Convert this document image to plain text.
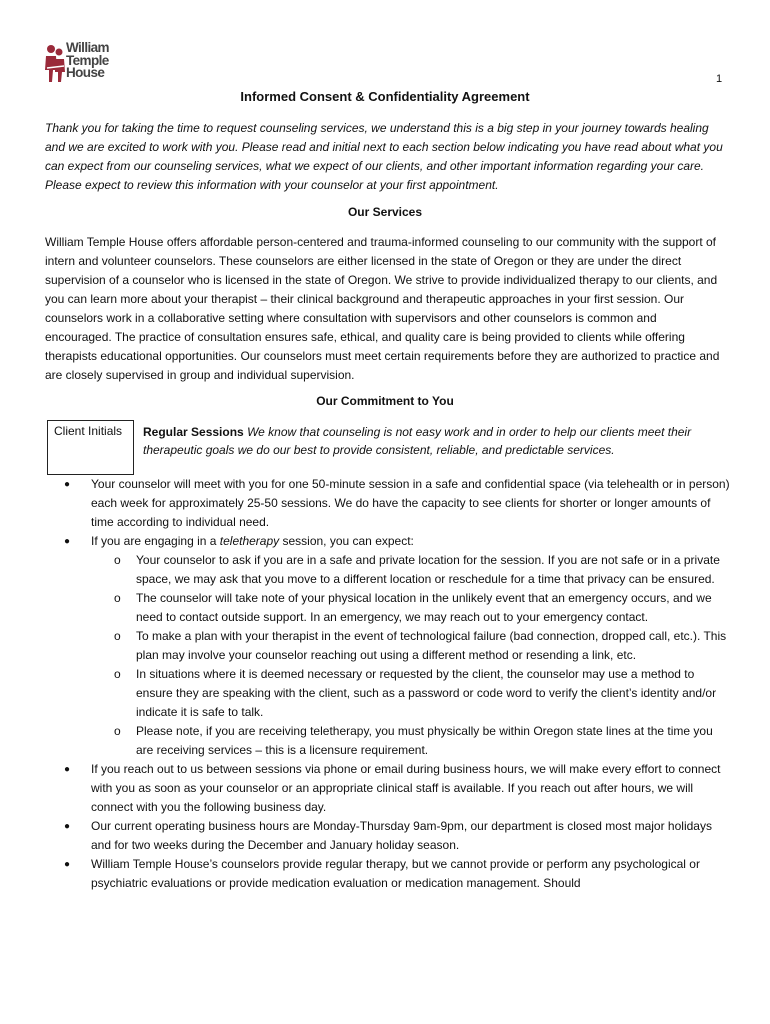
William
Temple
House	1
Informed Consent & Confidentiality Agreement
Thank you for taking the time to request counseling services, we understand this is a big step in your journey towards healing and we are excited to work with you. Please read and initial next to each section below indicating you have read about what you can expect from our counseling services, what we expect of our clients, and other important information regarding your care. Please expect to review this information with your counselor at your first appointment.
Our Services
William Temple House offers affordable person-centered and trauma-informed counseling to our community with the support of intern and volunteer counselors. These counselors are either licensed in the state of Oregon or they are under the direct supervision of a counselor who is licensed in the state of Oregon. We strive to provide individualized therapy to our clients, and you can learn more about your therapist – their clinical background and therapeutic approaches in your first session. Our counselors work in a collaborative setting where consultation with supervisors and other counselors is common and encouraged. The practice of consultation ensures safe, ethical, and quality care is being provided to clients while offering therapists educational opportunities. Our counselors must meet certain requirements before they are authorized to practice and are closely supervised in group and individual supervision.
Our Commitment to You
Client Initials	Regular Sessions We know that counseling is not easy work and in order to help our clients meet their therapeutic goals we do our best to provide consistent, reliable, and predictable services.
● Your counselor will meet with you for one 50-minute session in a safe and confidential space (via telehealth or in person) each week for approximately 25-50 sessions. We do have the capacity to see clients for shorter or longer amounts of time according to individual need.
● If you are engaging in a teletherapy session, you can expect:
o Your counselor to ask if you are in a safe and private location for the session. If you are not safe or in a private space, we may ask that you move to a different location or reschedule for a time that privacy can be ensured.
o The counselor will take note of your physical location in the unlikely event that an emergency occurs, and we need to contact outside support. In an emergency, we may reach out to your emergency contact.
o To make a plan with your therapist in the event of technological failure (bad connection, dropped call, etc.). This plan may involve your counselor reaching out using a different method or resending a link, etc.
o In situations where it is deemed necessary or requested by the client, the counselor may use a method to ensure they are speaking with the client, such as a password or code word to verify the client’s identity and/or indicate it is safe to talk.
o Please note, if you are receiving teletherapy, you must physically be within Oregon state lines at the time you are receiving services – this is a licensure requirement.
● If you reach out to us between sessions via phone or email during business hours, we will make every effort to connect with you as soon as your counselor or an appropriate clinical staff is available. If you reach out after hours, we will connect with you the following business day.
● Our current operating business hours are Monday-Thursday 9am-9pm, our department is closed most major holidays and for two weeks during the December and January holiday season.
● William Temple House’s counselors provide regular therapy, but we cannot provide or perform any psychological or psychiatric evaluations or provide medication evaluation or medication management. Should
